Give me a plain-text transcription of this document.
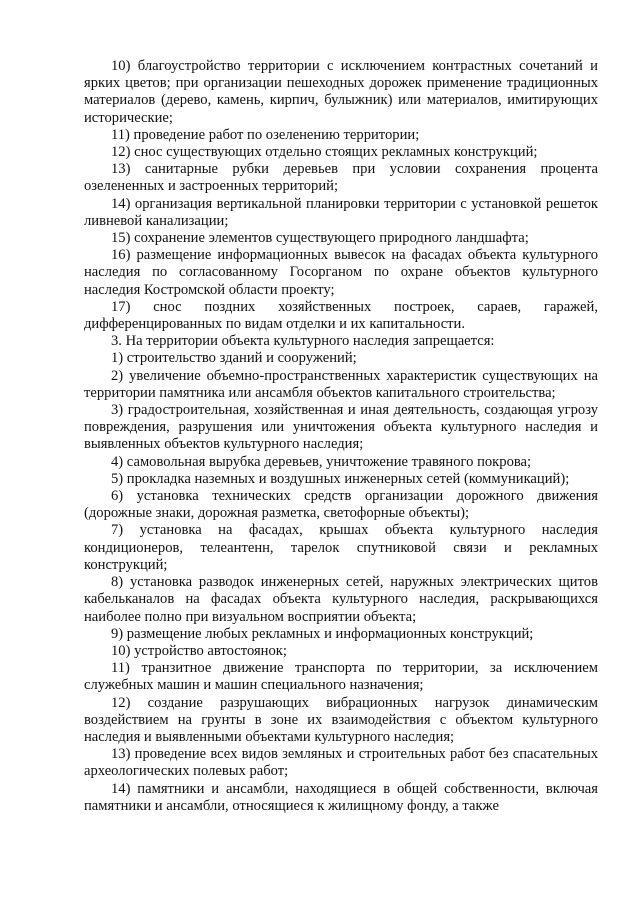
10) благоустройство территории с исключением контрастных сочетаний и ярких цветов; при организации пешеходных дорожек применение традиционных материалов (дерево, камень, кирпич, булыжник) или материалов, имитирующих исторические;

11) проведение работ по озеленению территории;

12) снос существующих отдельно стоящих рекламных конструкций;

13) санитарные рубки деревьев при условии сохранения процента озелененных и застроенных территорий;

14) организация вертикальной планировки территории с установкой решеток ливневой канализации;

15) сохранение элементов существующего природного ландшафта;

16) размещение информационных вывесок на фасадах объекта культурного наследия по согласованному Госорганом по охране объектов культурного наследия Костромской области проекту;

17) снос поздних хозяйственных построек, сараев, гаражей, дифференцированных по видам отделки и их капитальности.

3. На территории объекта культурного наследия запрещается:

1) строительство зданий и сооружений;

2) увеличение объемно-пространственных характеристик существующих на территории памятника или ансамбля объектов капитального строительства;

3) градостроительная, хозяйственная и иная деятельность, создающая угрозу повреждения, разрушения или уничтожения объекта культурного наследия и выявленных объектов культурного наследия;

4) самовольная вырубка деревьев, уничтожение травяного покрова;

5) прокладка наземных и воздушных инженерных сетей (коммуникаций);

6) установка технических средств организации дорожного движения (дорожные знаки, дорожная разметка, светофорные объекты);

7) установка на фасадах, крышах объекта культурного наследия кондиционеров, телеантенн, тарелок спутниковой связи и рекламных конструкций;

8) установка разводок инженерных сетей, наружных электрических щитов кабельканалов на фасадах объекта культурного наследия, раскрывающихся наиболее полно при визуальном восприятии объекта;

9) размещение любых рекламных и информационных конструкций;

10) устройство автостоянок;

11) транзитное движение транспорта по территории, за исключением служебных машин и машин специального назначения;

12) создание разрушающих вибрационных нагрузок динамическим воздействием на грунты в зоне их взаимодействия с объектом культурного наследия и выявленными объектами культурного наследия;

13) проведение всех видов земляных и строительных работ без спасательных археологических полевых работ;

14) памятники и ансамбли, находящиеся в общей собственности, включая памятники и ансамбли, относящиеся к жилищному фонду, а также
